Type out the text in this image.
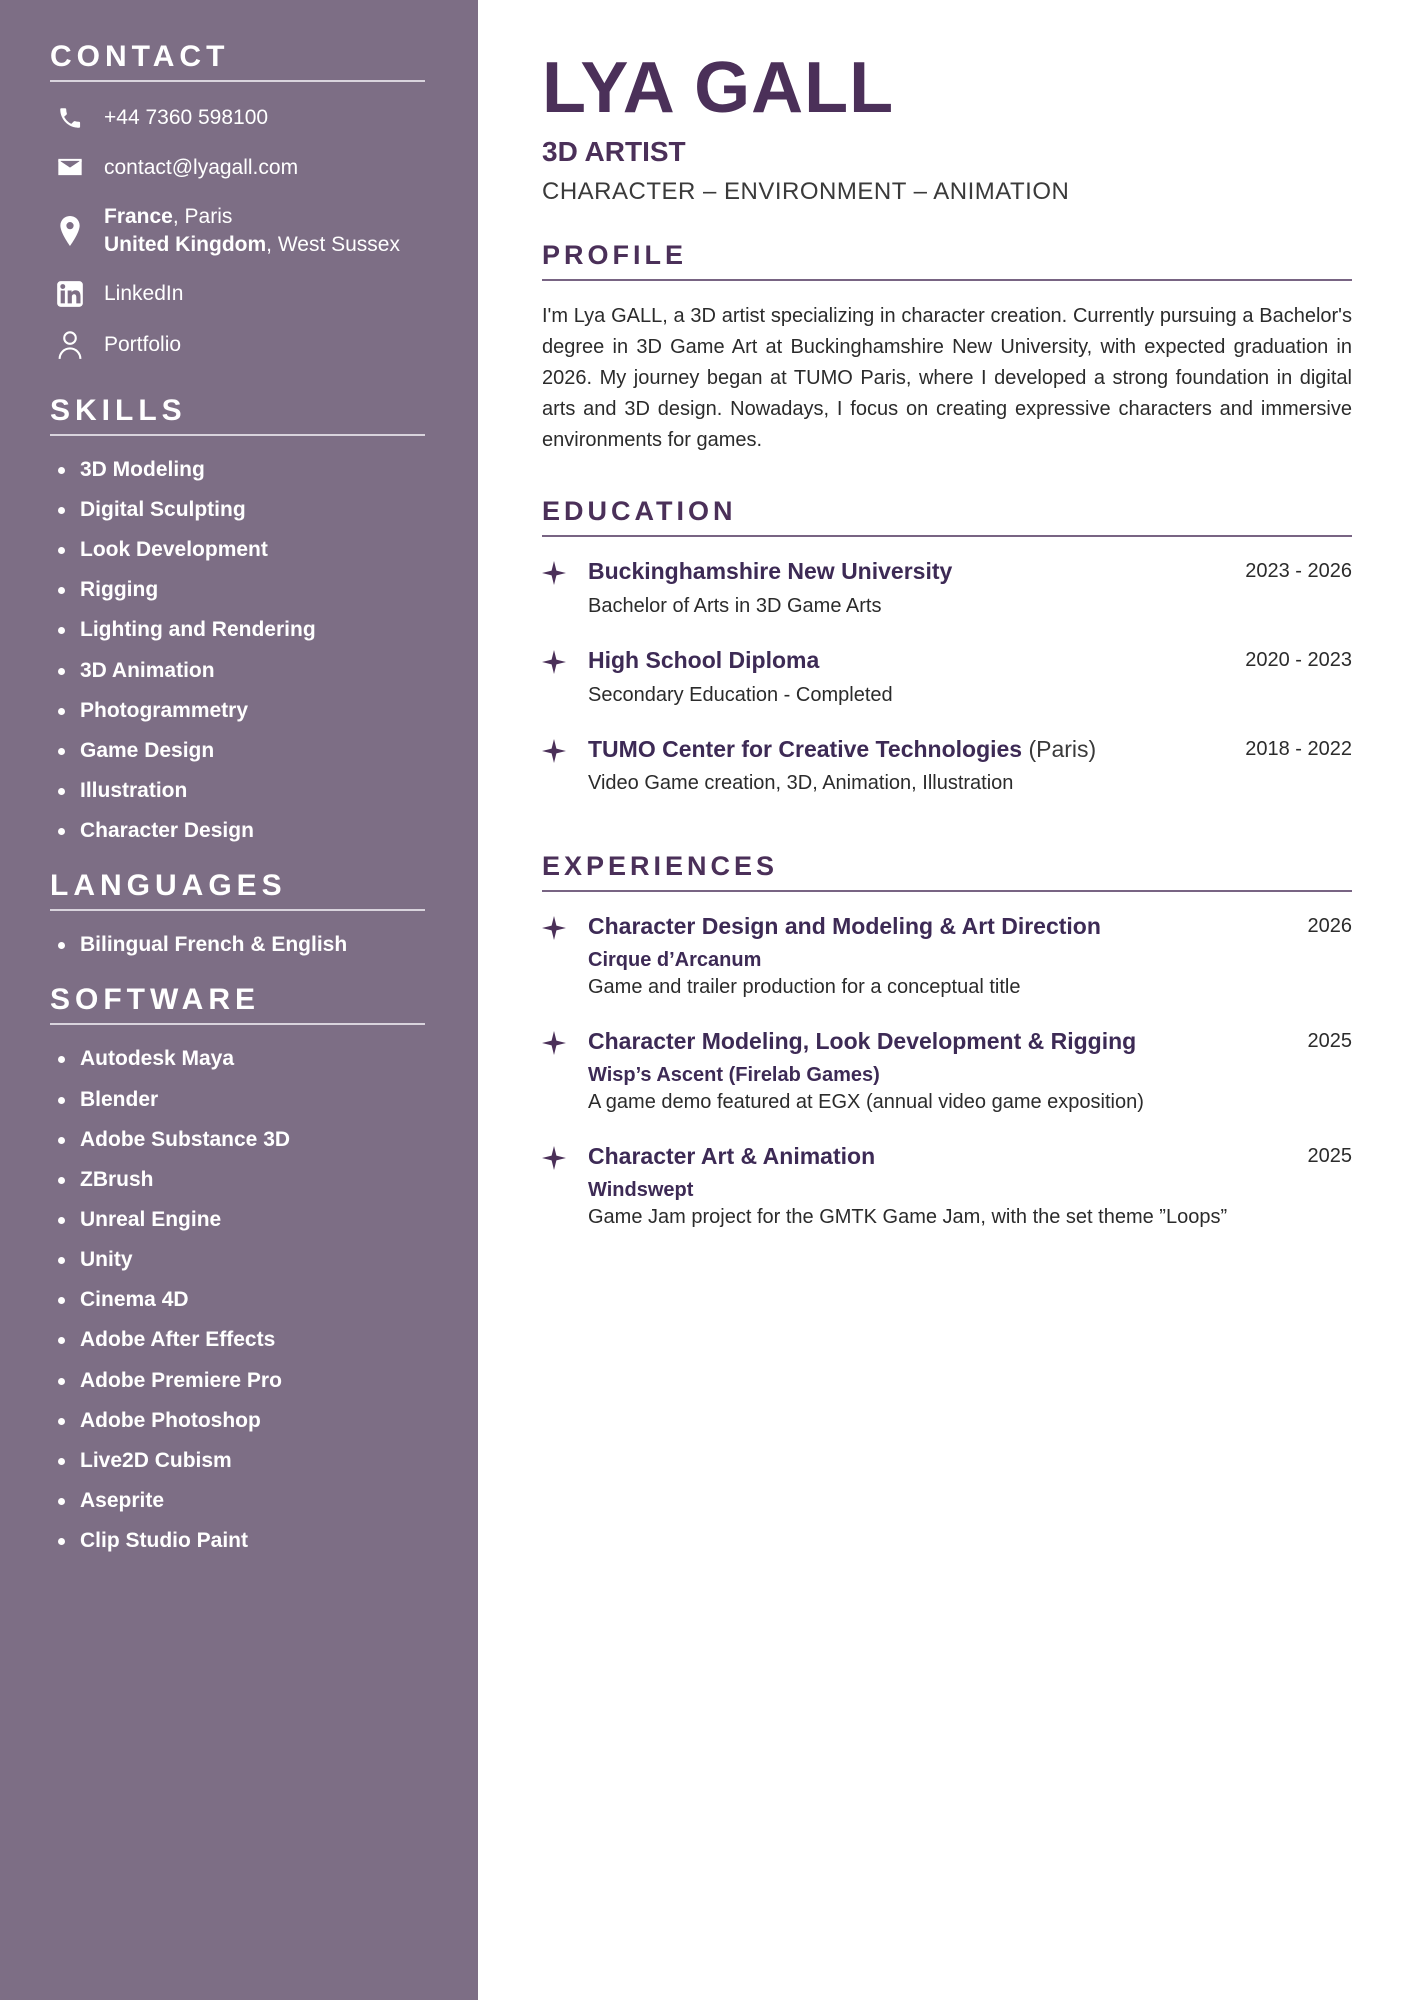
CONTACT
+44 7360 598100
contact@lyagall.com
France, Paris
United Kingdom, West Sussex
LinkedIn
Portfolio
SKILLS
3D Modeling
Digital Sculpting
Look Development
Rigging
Lighting and Rendering
3D Animation
Photogrammetry
Game Design
Illustration
Character Design
LANGUAGES
Bilingual French & English
SOFTWARE
Autodesk Maya
Blender
Adobe Substance 3D
ZBrush
Unreal Engine
Unity
Cinema 4D
Adobe After Effects
Adobe Premiere Pro
Adobe Photoshop
Live2D Cubism
Aseprite
Clip Studio Paint
LYA GALL
3D ARTIST
CHARACTER – ENVIRONMENT – ANIMATION
PROFILE

I'm Lya GALL, a 3D artist specializing in character creation. Currently pursuing a Bachelor's degree in 3D Game Art at Buckinghamshire New University, with expected graduation in 2026. My journey began at TUMO Paris, where I developed a strong foundation in digital arts and 3D design. Nowadays, I focus on creating expressive characters and immersive environments for games.

EDUCATION
Buckinghamshire New University	2023 - 2026
Bachelor of Arts in 3D Game Arts
High School Diploma	2020 - 2023
Secondary Education - Completed
TUMO Center for Creative Technologies (Paris)	2018 - 2022
Video Game creation, 3D, Animation, Illustration
EXPERIENCES
Character Design and Modeling & Art Direction	2026
Cirque d’Arcanum
Game and trailer production for a conceptual title
Character Modeling, Look Development & Rigging	2025
Wisp’s Ascent (Firelab Games)
A game demo featured at EGX (annual video game exposition)
Character Art & Animation	2025
Windswept
Game Jam project for the GMTK Game Jam, with the set theme ”Loops”
